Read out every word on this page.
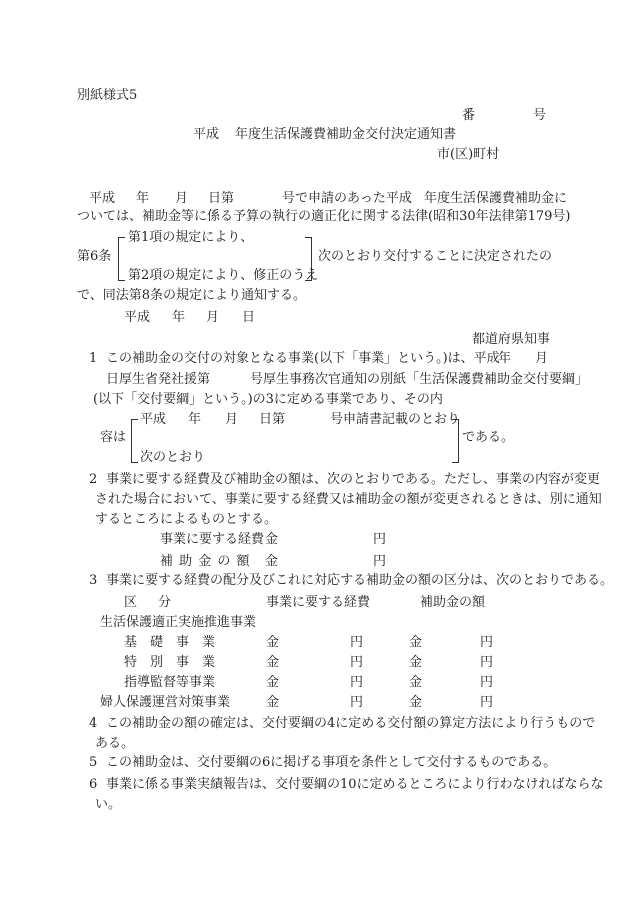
別紙様式5
番	号
平成 年度生活保護費補助金交付決定通知書
市(区)町村
平成 年 月 日第	号で申請のあった平成 年度生活保護費補助金に
ついては、補助金等に係る予算の執行の適正化に関する法律(昭和30年法律第179号)
第1項の規定により、
第6条	次のとおり交付することに決定されたの
第2項の規定により、修正のうえ
で、同法第8条の規定により通知する。
平成 年 月 日
都道府県知事
1 この補助金の交付の対象となる事業(以下「事業」という。)は、平成
年 月
日厚生省発社援第	号厚生事務次官通知の別紙「生活保護費補助金交付要綱」
(以下「交付要綱」という。)の3に定める事業であり、その内
平成 年 月 日第	号申請書記載のとおり
容は	である。
次のとおり
2 事業に要する経費及び補助金の額は、次のとおりである。ただし、事業の内容が変更
された場合において、事業に要する経費又は補助金の額が変更されるときは、別に通知
するところによるものとする。
事業に要する経費 金	円
補 助 金 の 額 金	円
3 事業に要する経費の配分及びこれに対応する補助金の額の区分は、次のとおりである。
区 分	事業に要する経費	補助金の額
生活保護適正実施推進事業
基　礎　事　業	金	円	金	円
特　別　事　業	金	円	金	円
指導監督等事業	金	円	金	円
婦人保護運営対策事業	金	円	金	円
4 この補助金の額の確定は、交付要綱の4に定める交付額の算定方法により行うもので
ある。
5 この補助金は、交付要綱の6に掲げる事項を条件として交付するものである。
6 事業に係る事業実績報告は、交付要綱の10に定めるところにより行わなければならな
い。
